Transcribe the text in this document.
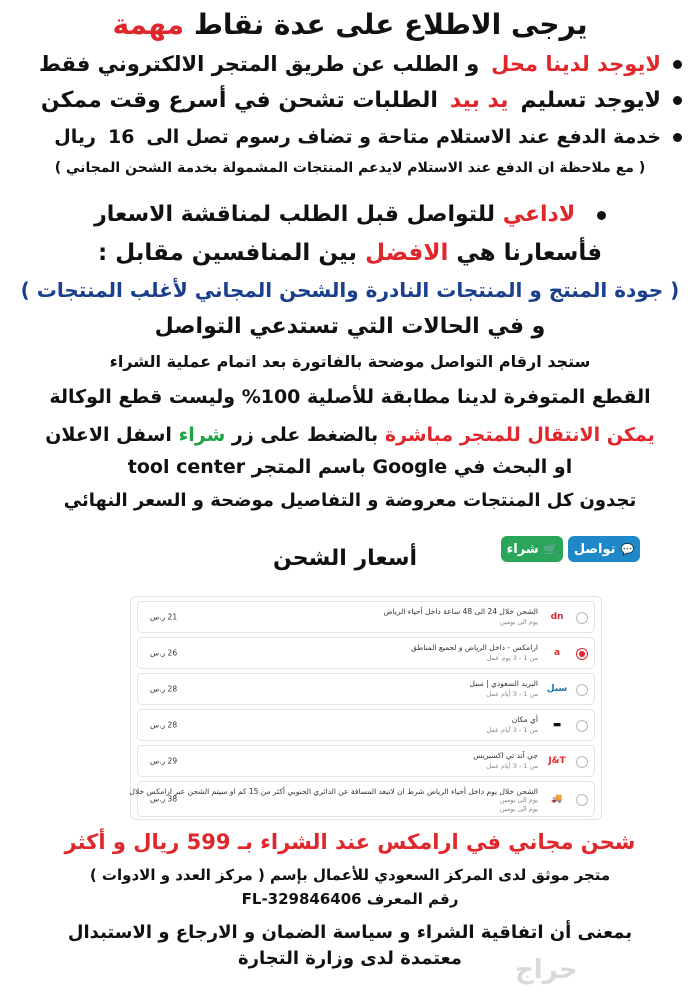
يرجى الاطلاع على عدة نقاط مهمة
لايوجد لدينا محل
و الطلب عن طريق المتجر الالكتروني فقط
لايوجد تسليم
يد بيد
الطلبات تشحن في أسرع وقت ممكن
خدمة الدفع عند الاستلام متاحة و تضاف رسوم تصل الى
16
ريال
( مع ملاحظة ان الدفع عند الاستلام لايدعم المنتجات المشمولة بخدمة الشحن المجاني )
لاداعي للتواصل قبل الطلب لمناقشة الاسعار
فأسعارنا هي الافضل بين المنافسين مقابل :
( جودة المنتج و المنتجات النادرة والشحن المجاني لأغلب المنتجات )
و في الحالات التي تستدعي التواصل
ستجد ارقام التواصل موضحة بالفاتورة بعد اتمام عملية الشراء
القطع المتوفرة لدينا مطابقة للأصلية 100% وليست قطع الوكالة
يمكن الانتقال للمتجر مباشرة بالضغط على زر شراء اسفل الاعلان
او البحث في Google باسم المتجر tool center
تجدون كل المنتجات معروضة و التفاصيل موضحة و السعر النهائي
💬
تواصل
🛒
شراء
أسعار الشحن
dn
الشحن خلال 24 الى 48 ساعة داخل أحياء الرياض
يوم الى يومين
21 ر.س
a
ارامكس - داخل الرياض و لجميع المناطق
من 1 - 3 يوم عمل
26 ر.س
سبل
البريد السعودي | سبل
من 1 - 3 أيام عمل
28 ر.س
▬
أي مكان
من 1 - 3 أيام عمل
28 ر.س
J&T
جي آند تي اكسبريس
من 1 - 3 أيام عمل
29 ر.س
🚚
الشحن خلال يوم داخل أحياء الرياض شرط ان لاتبعد المسافة عن الدائري الجنوبي أكثر من 15 كم او سيتم الشحن عبر ارامكس خلال
يوم الى يومين
يوم الى يومين
38 ر.س
شحن مجاني في ارامكس عند الشراء بـ 599 ريال و أكثر
متجر موثق لدى المركز السعودي للأعمال بإسم ( مركز العدد و الادوات )
رقم المعرف FL-329846406
بمعنى أن اتفاقية الشراء و سياسة الضمان و الارجاع و الاستبدال
معتمدة لدى وزارة التجارة	حراج
